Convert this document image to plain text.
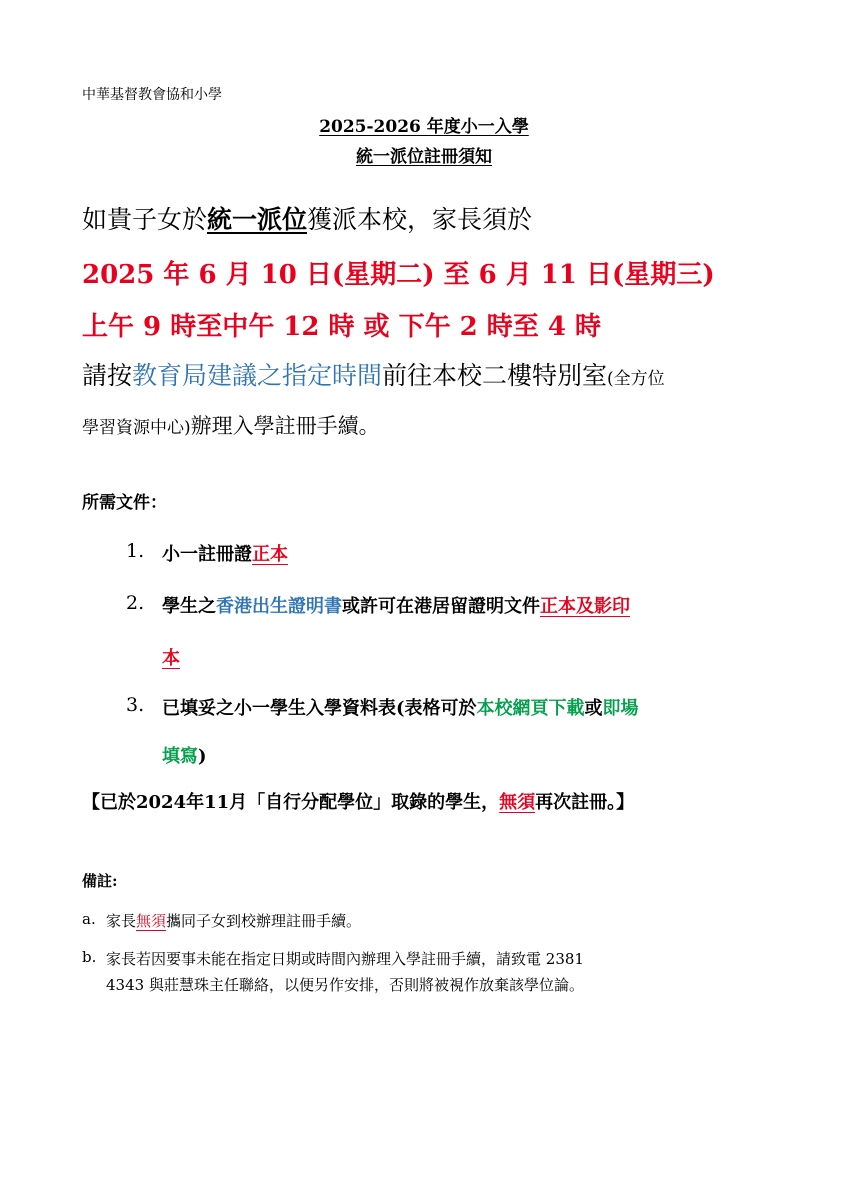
中華基督教會協和小學
2025-2026 年度小一入學
統一派位註冊須知
如貴子女於統一派位獲派本校，家長須於
2025 年 6 月 10 日(星期二) 至 6 月 11 日(星期三)
上午 9 時至中午 12 時 或 下午 2 時至 4 時
請按教育局建議之指定時間前往本校二樓特別室(全方位
學習資源中心)辦理入學註冊手續。
所需文件：
1. 小一註冊證正本
2. 學生之香港出生證明書或許可在港居留證明文件正本及影印
本
3. 已填妥之小一學生入學資料表(表格可於本校網頁下載或即場
填寫)
【已於2024年11月「自行分配學位」取錄的學生，無須再次註冊。】
備註:
a. 家長無須攜同子女到校辦理註冊手續。
b. 家長若因要事未能在指定日期或時間內辦理入學註冊手續，請致電 2381
4343 與莊慧珠主任聯絡，以便另作安排，否則將被視作放棄該學位論。
